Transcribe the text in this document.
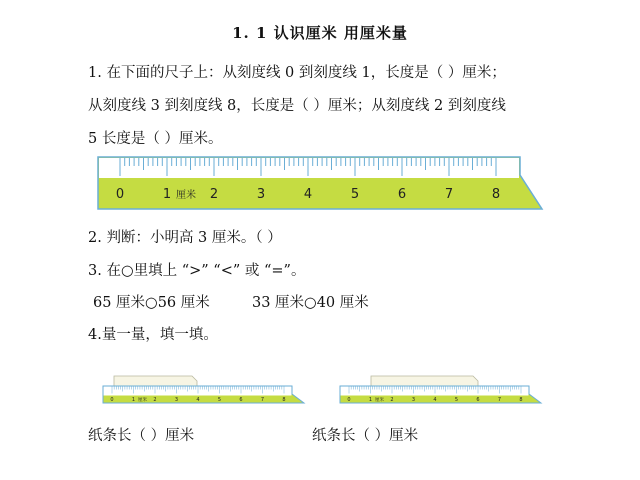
1. 1 认识厘米 用厘米量
1. 在下面的尺子上：从刻度线 0 到刻度线 1，长度是（ ）厘米；
从刻度线 3 到刻度线 8，长度是（ ）厘米；从刻度线 2 到刻度线
5 长度是（ ）厘米。
0	1	2	3	4	5	6	7	8
厘米
2. 判断：小明高 3 厘米。（ ）
3. 在○里填上 “>” “<” 或 “=”。
65 厘米○56 厘米	33 厘米○40 厘米
4.量一量，填一填。
0	1	2	3	4	5	6	7	8
厘米	0	1	2	3	4	5	6	7	8
厘米
纸条长（ ）厘米	纸条长（ ）厘米
